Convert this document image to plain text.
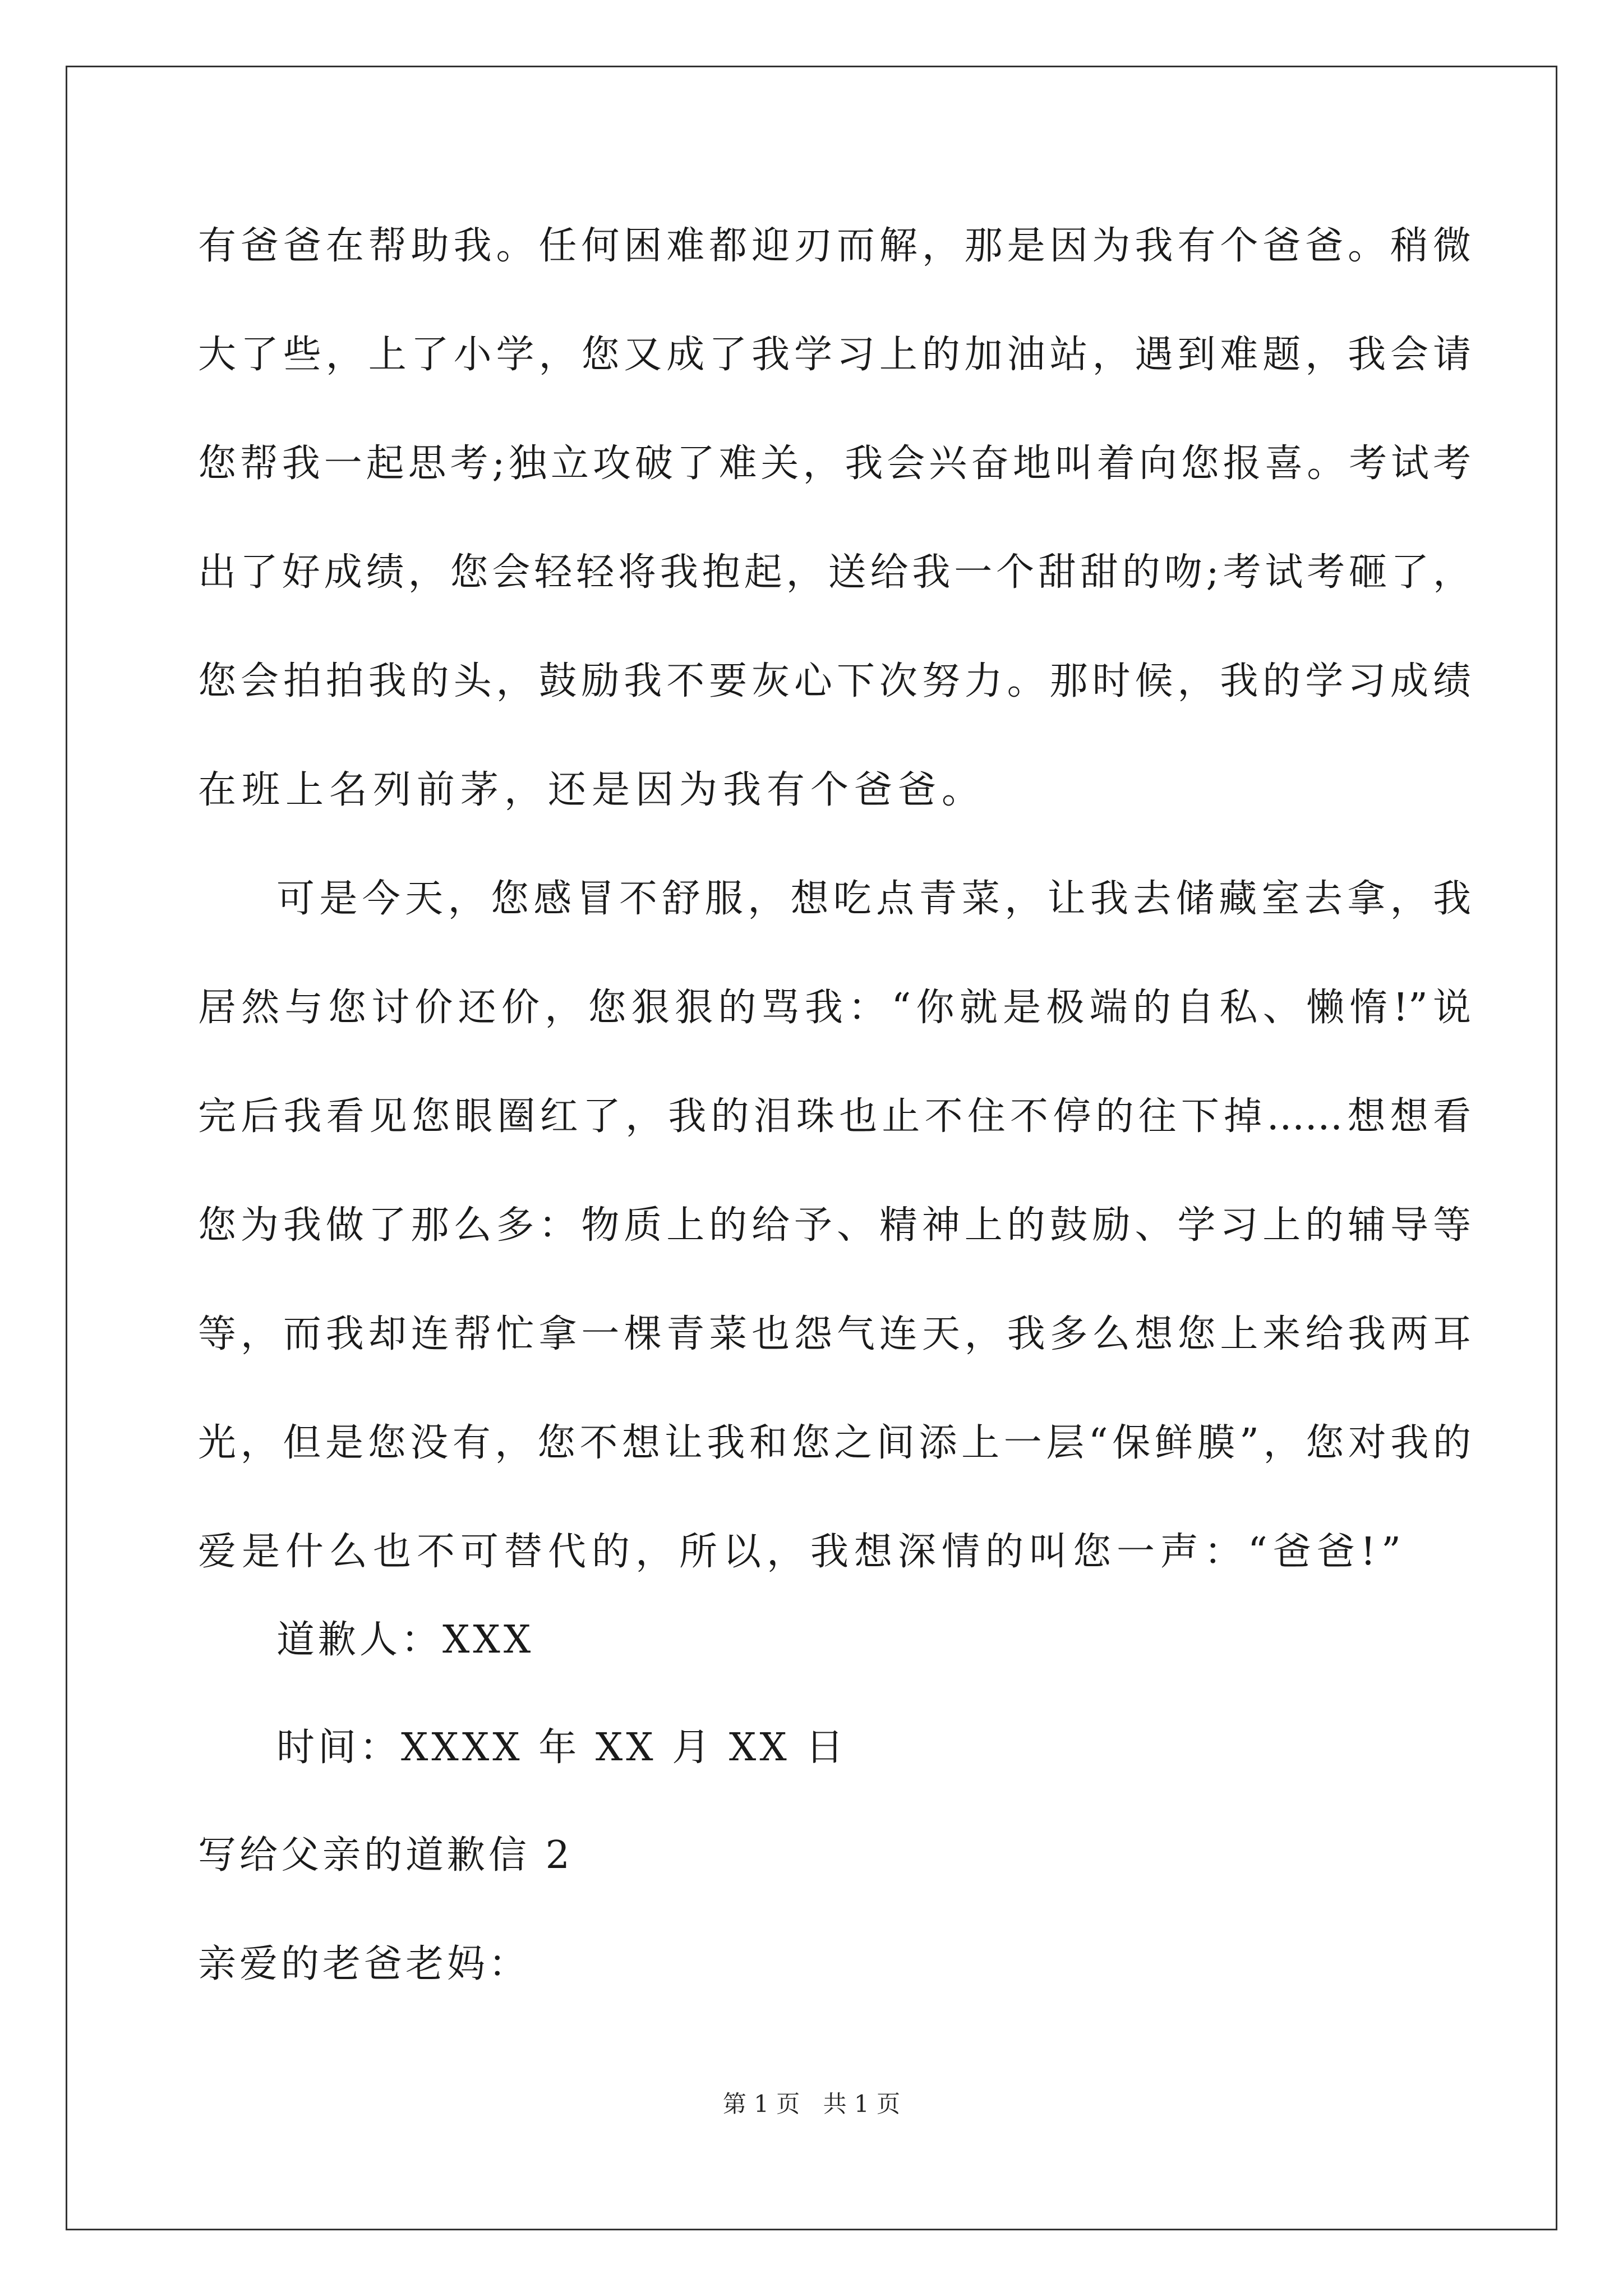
有爸爸在帮助我。任何困难都迎刃而解，那是因为我有个爸爸。稍微
大了些，上了小学，您又成了我学习上的加油站，遇到难题，我会请
您帮我一起思考;独立攻破了难关，我会兴奋地叫着向您报喜。考试考
出了好成绩，您会轻轻将我抱起，送给我一个甜甜的吻;考试考砸了，
您会拍拍我的头，鼓励我不要灰心下次努力。那时候，我的学习成绩
在班上名列前茅，还是因为我有个爸爸。
可是今天，您感冒不舒服，想吃点青菜，让我去储藏室去拿，我
居然与您讨价还价，您狠狠的骂我：“你就是极端的自私、懒惰!”说
完后我看见您眼圈红了，我的泪珠也止不住不停的往下掉……想想看
您为我做了那么多：物质上的给予、精神上的鼓励、学习上的辅导等
等，而我却连帮忙拿一棵青菜也怨气连天，我多么想您上来给我两耳
光，但是您没有，您不想让我和您之间添上一层“保鲜膜”，您对我的
爱是什么也不可替代的，所以，我想深情的叫您一声：“爸爸!”
道歉人：XXX
时间：XXXX 年 XX 月 XX 日
写给父亲的道歉信 2
亲爱的老爸老妈：
第 1 页 共 1 页
